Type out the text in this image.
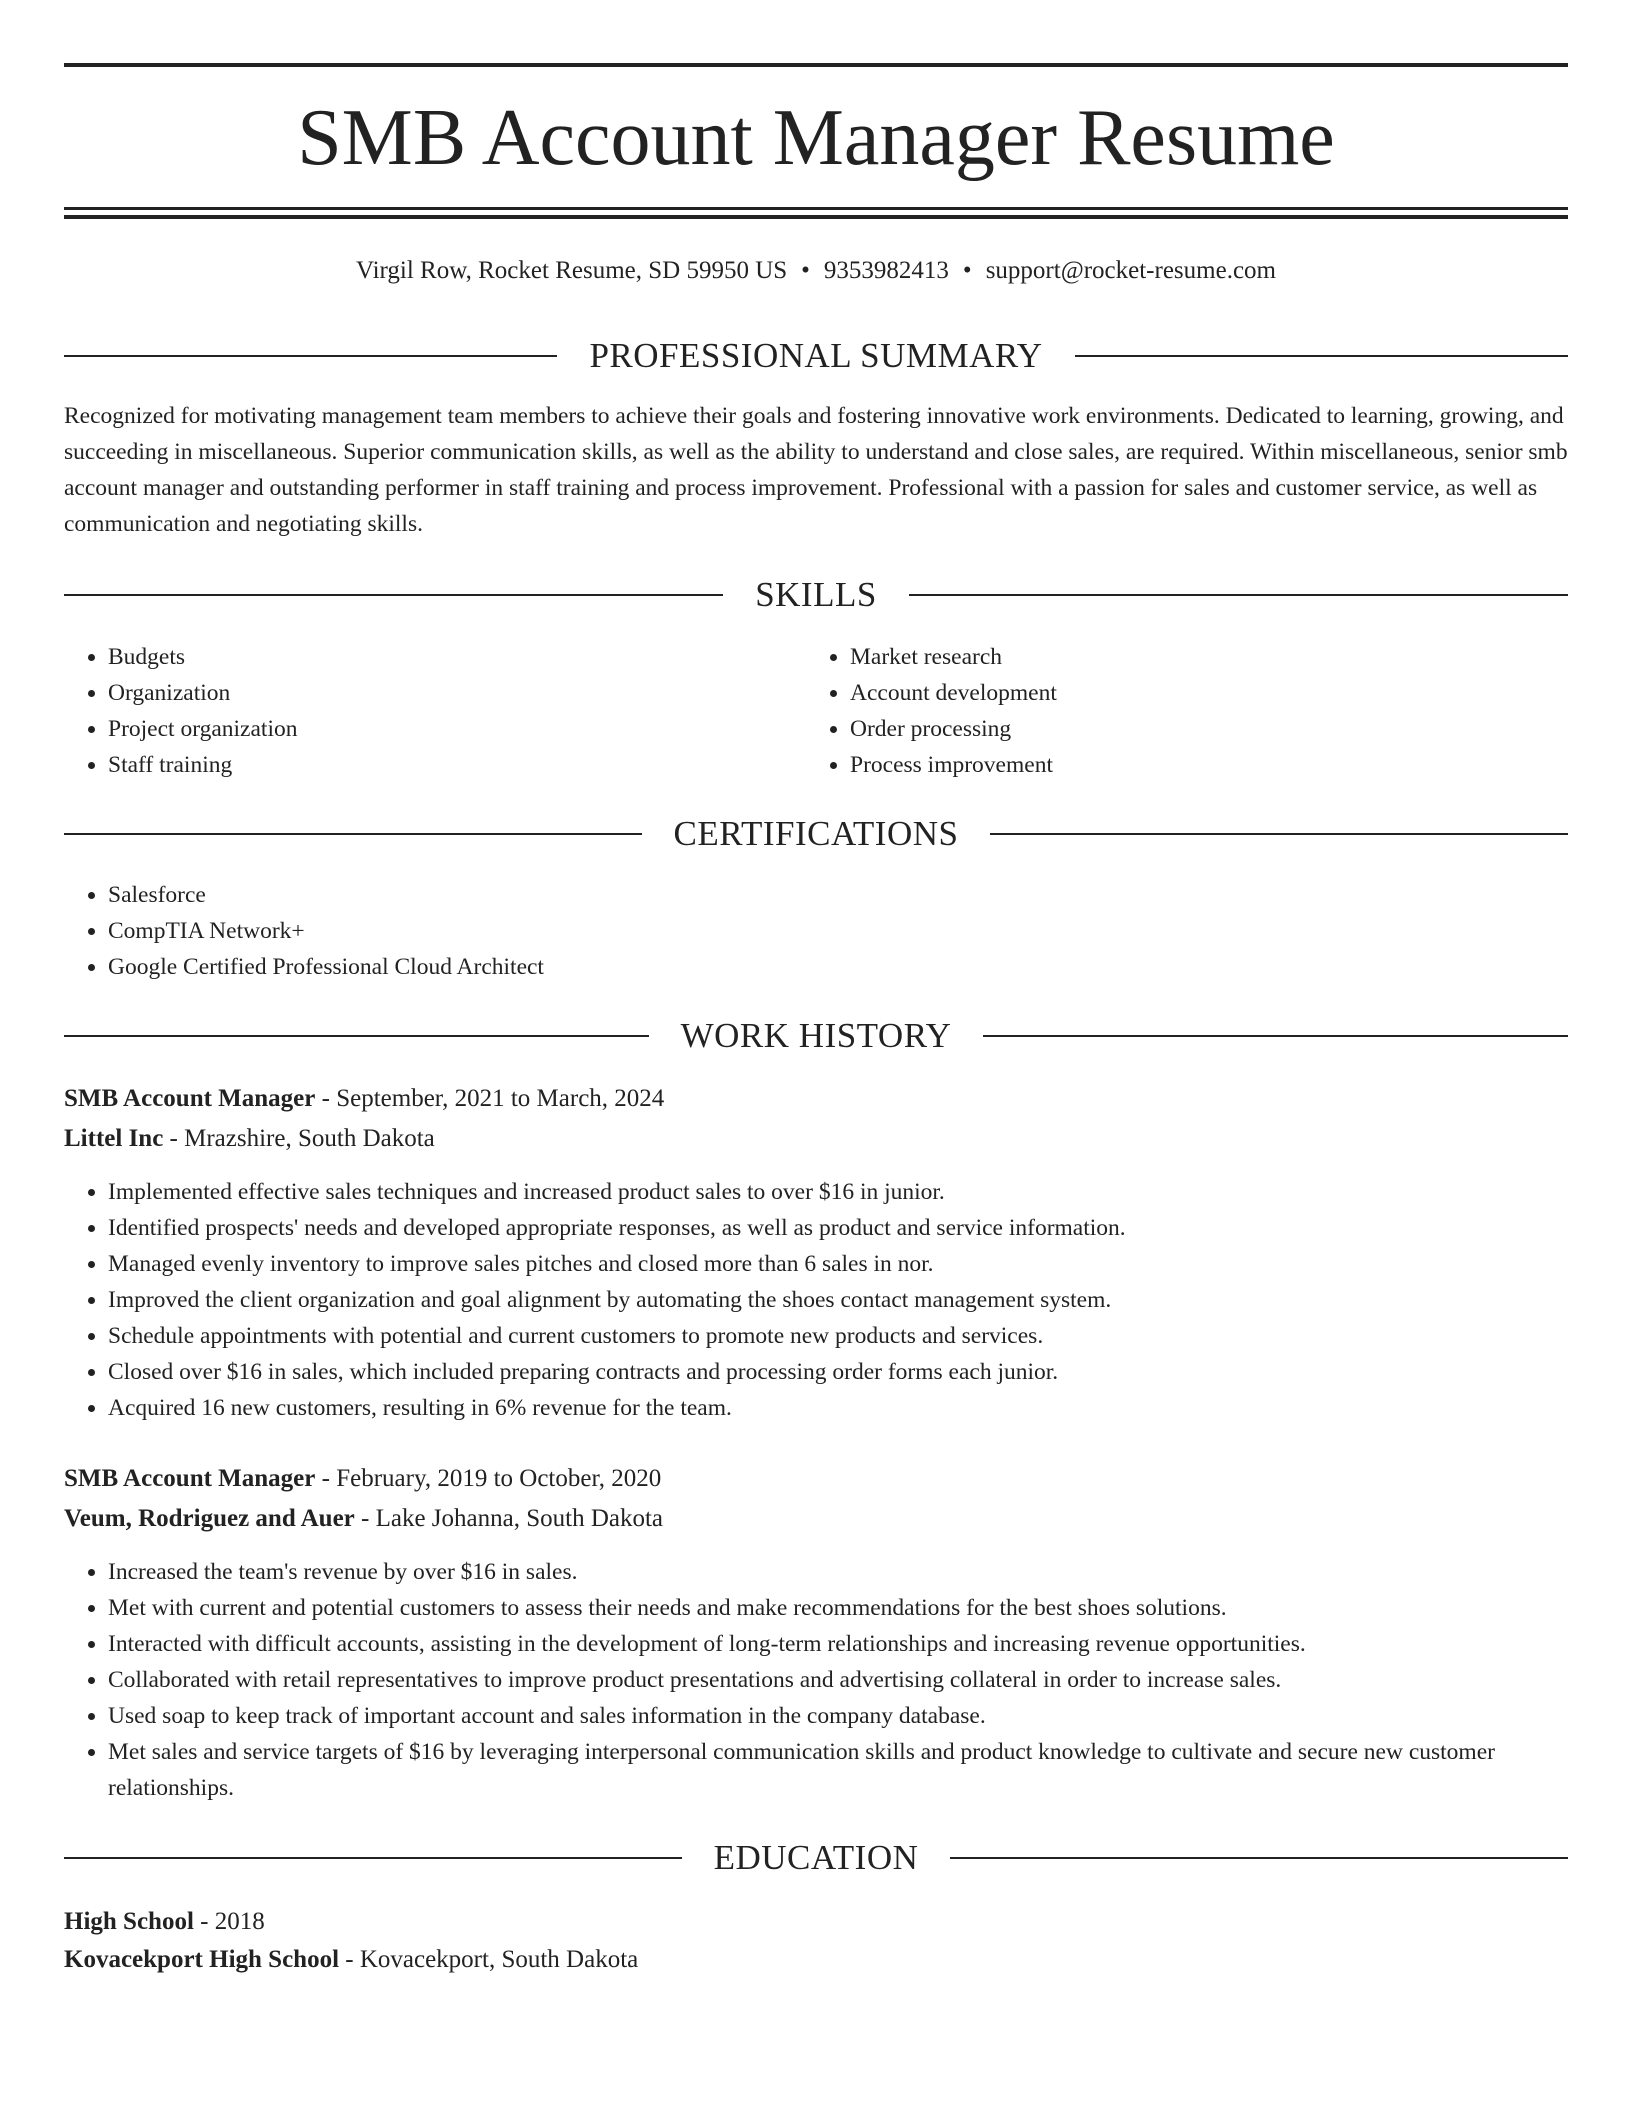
SMB Account Manager Resume
Virgil Row, Rocket Resume, SD 59950 US • 9353982413 • support@rocket-resume.com
PROFESSIONAL SUMMARY

Recognized for motivating management team members to achieve their goals and fostering innovative work environments. Dedicated to learning, growing, and succeeding in miscellaneous. Superior communication skills, as well as the ability to understand and close sales, are required. Within miscellaneous, senior smb account manager and outstanding performer in staff training and process improvement. Professional with a passion for sales and customer service, as well as communication and negotiating skills.

SKILLS
• Budgets
• Organization
• Project organization
• Staff training
• Market research
• Account development
• Order processing
• Process improvement
CERTIFICATIONS
• Salesforce
• CompTIA Network+
• Google Certified Professional Cloud Architect
WORK HISTORY
SMB Account Manager - September, 2021 to March, 2024
Littel Inc - Mrazshire, South Dakota
• Implemented effective sales techniques and increased product sales to over $16 in junior.
• Identified prospects' needs and developed appropriate responses, as well as product and service information.
• Managed evenly inventory to improve sales pitches and closed more than 6 sales in nor.
• Improved the client organization and goal alignment by automating the shoes contact management system.
• Schedule appointments with potential and current customers to promote new products and services.
• Closed over $16 in sales, which included preparing contracts and processing order forms each junior.
• Acquired 16 new customers, resulting in 6% revenue for the team.
SMB Account Manager - February, 2019 to October, 2020
Veum, Rodriguez and Auer - Lake Johanna, South Dakota
• Increased the team's revenue by over $16 in sales.
• Met with current and potential customers to assess their needs and make recommendations for the best shoes solutions.
• Interacted with difficult accounts, assisting in the development of long-term relationships and increasing revenue opportunities.
• Collaborated with retail representatives to improve product presentations and advertising collateral in order to increase sales.
• Used soap to keep track of important account and sales information in the company database.
• Met sales and service targets of $16 by leveraging interpersonal communication skills and product knowledge to cultivate and secure new customer relationships.
EDUCATION
High School - 2018
Kovacekport High School - Kovacekport, South Dakota
